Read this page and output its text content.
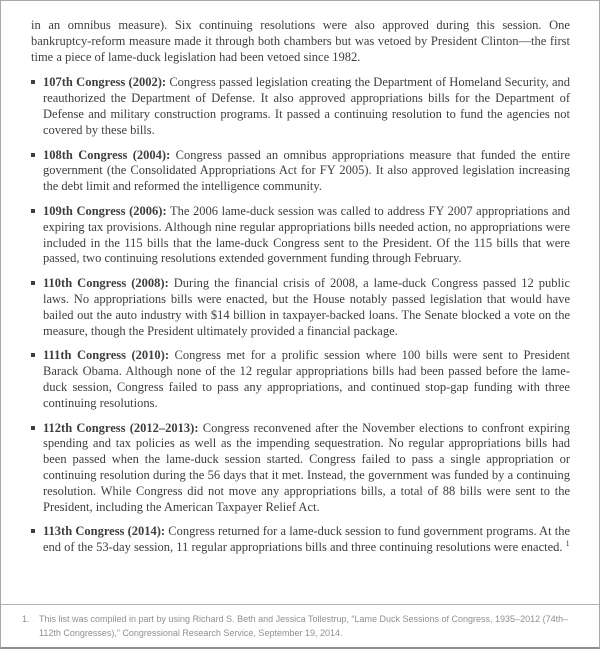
in an omnibus measure). Six continuing resolutions were also approved during this session. One bankruptcy-reform measure made it through both chambers but was vetoed by President Clinton—the first time a piece of lame-duck legislation had been vetoed since 1982.

107th Congress (2002): Congress passed legislation creating the Department of Homeland Security, and reauthorized the Department of Defense. It also approved appropriations bills for the Department of Defense and military construction programs. It passed a continuing resolution to fund the agencies not covered by these bills.
108th Congress (2004): Congress passed an omnibus appropriations measure that funded the entire government (the Consolidated Appropriations Act for FY 2005). It also approved legislation increasing the debt limit and reformed the intelligence community.
109th Congress (2006): The 2006 lame-duck session was called to address FY 2007 appropriations and expiring tax provisions. Although nine regular appropriations bills needed action, no appropriations were included in the 115 bills that the lame-duck Congress sent to the President. Of the 115 bills that were passed, two continuing resolutions extended government funding through February.
110th Congress (2008): During the financial crisis of 2008, a lame-duck Congress passed 12 public laws. No appropriations bills were enacted, but the House notably passed legislation that would have bailed out the auto industry with $14 billion in taxpayer-backed loans. The Senate blocked a vote on the measure, though the President ultimately provided a financial package.
111th Congress (2010): Congress met for a prolific session where 100 bills were sent to President Barack Obama. Although none of the 12 regular appropriations bills had been passed before the lame-duck session, Congress failed to pass any appropriations, and continued stop-gap funding with three continuing resolutions.
112th Congress (2012–2013): Congress reconvened after the November elections to confront expiring spending and tax policies as well as the impending sequestration. No regular appropriations bills had been passed when the lame-duck session started. Congress failed to pass a single appropriation or continuing resolution during the 56 days that it met. Instead, the government was funded by a continuing resolution. While Congress did not move any appropriations bills, a total of 88 bills were sent to the President, including the American Taxpayer Relief Act.
113th Congress (2014): Congress returned for a lame-duck session to fund government programs. At the end of the 53-day session, 11 regular appropriations bills and three continuing resolutions were enacted. $^1$
1.	This list was compiled in part by using Richard S. Beth and Jessica Tollestrup, “Lame Duck Sessions of Congress, 1935–2012 (74th–112th Congresses),” Congressional Research Service, September 19, 2014.
